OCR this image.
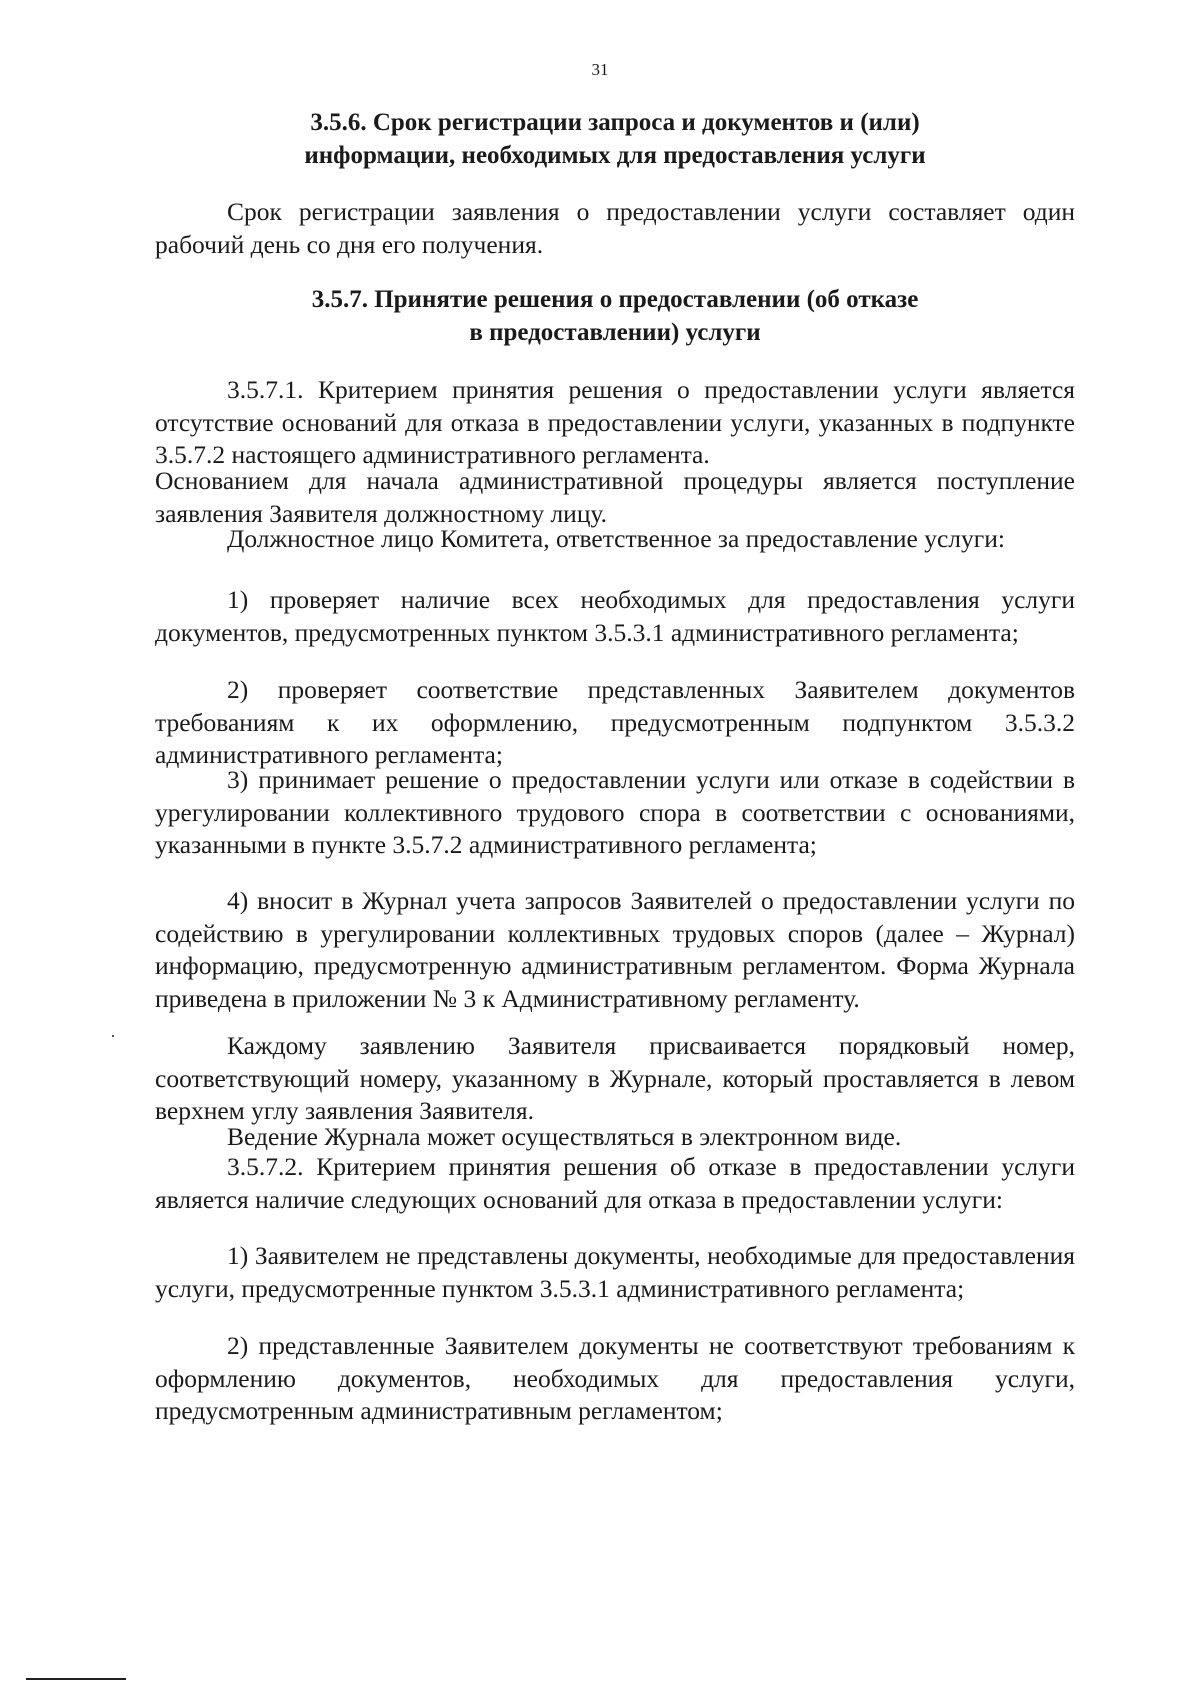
31
3.5.6. Срок регистрации запроса и документов и (или)
информации, необходимых для предоставления услуги
Срок регистрации заявления о предоставлении услуги составляет один рабочий день со дня его получения.
3.5.7. Принятие решения о предоставлении (об отказе
в предоставлении) услуги
3.5.7.1. Критерием принятия решения о предоставлении услуги является отсутствие оснований для отказа в предоставлении услуги, указанных в подпункте 3.5.7.2 настоящего административного регламента.
Основанием для начала административной процедуры является поступление заявления Заявителя должностному лицу.
Должностное лицо Комитета, ответственное за предоставление услуги:
1) проверяет наличие всех необходимых для предоставления услуги документов, предусмотренных пунктом 3.5.3.1 административного регламента;
2) проверяет соответствие представленных Заявителем документов требованиям к их оформлению, предусмотренным подпунктом 3.5.3.2 административного регламента;
3) принимает решение о предоставлении услуги или отказе в содействии в урегулировании коллективного трудового спора в соответствии с основаниями, указанными в пункте 3.5.7.2 административного регламента;
4) вносит в Журнал учета запросов Заявителей о предоставлении услуги по содействию в урегулировании коллективных трудовых споров (далее – Журнал) информацию, предусмотренную административным регламентом. Форма Журнала приведена в приложении № 3 к Административному регламенту.
Каждому заявлению Заявителя присваивается порядковый номер, соответствующий номеру, указанному в Журнале, который проставляется в левом верхнем углу заявления Заявителя.
Ведение Журнала может осуществляться в электронном виде.
3.5.7.2. Критерием принятия решения об отказе в предоставлении услуги является наличие следующих оснований для отказа в предоставлении услуги:
1) Заявителем не представлены документы, необходимые для предоставления услуги, предусмотренные пунктом 3.5.3.1 административного регламента;
2) представленные Заявителем документы не соответствуют требованиям к оформлению документов, необходимых для предоставления услуги, предусмотренным административным регламентом;
